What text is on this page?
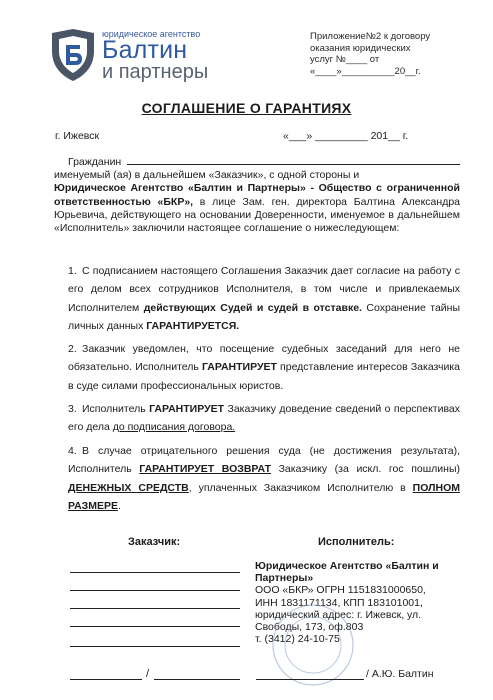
юридическое агентство
Балтин
и партнеры
Приложение№2 к договору
оказания юридических
услуг №____ от
«____»__________20__г.
СОГЛАШЕНИЕ О ГАРАНТИЯХ
г. Ижевск	«___» _________ 201__ г.
Гражданин
именуемый (ая) в дальнейшем «Заказчик», с одной стороны и
Юридическое Агентство «Балтин и Партнеры» - Общество с ограниченной ответственностью «БКР», в лице Зам. ген. директора Балтина Александра Юрьевича, действующего на основании Доверенности, именуемое в дальнейшем «Исполнитель» заключили настоящее соглашение о нижеследующем:
1. С подписанием настоящего Соглашения Заказчик дает согласие на работу с его делом всех сотрудников Исполнителя, в том числе и привлекаемых Исполнителем действующих Судей и судей в отставке. Сохранение тайны личных данных ГАРАНТИРУЕТСЯ.
2. Заказчик уведомлен, что посещение судебных заседаний для него не обязательно. Исполнитель ГАРАНТИРУЕТ представление интересов Заказчика в суде силами профессиональных юристов.
3. Исполнитель ГАРАНТИРУЕТ Заказчику доведение сведений о перспективах его дела до подписания договора.
4. В случае отрицательного решения суда (не достижения результата), Исполнитель ГАРАНТИРУЕТ ВОЗВРАТ Заказчику (за искл. гос пошлины) ДЕНЕЖНЫХ СРЕДСТВ, уплаченных Заказчиком Исполнителю в ПОЛНОМ РАЗМЕРЕ.
Заказчик:	Исполнитель:
/
Юридическое Агентство «Балтин и Партнеры»
ООО «БКР» ОГРН 1151831000650,
ИНН 1831171134, КПП 183101001,
юридический адрес: г. Ижевск, ул.
Свободы, 173, оф.803
т. (3412) 24-10-75
/ А.Ю. Балтин
